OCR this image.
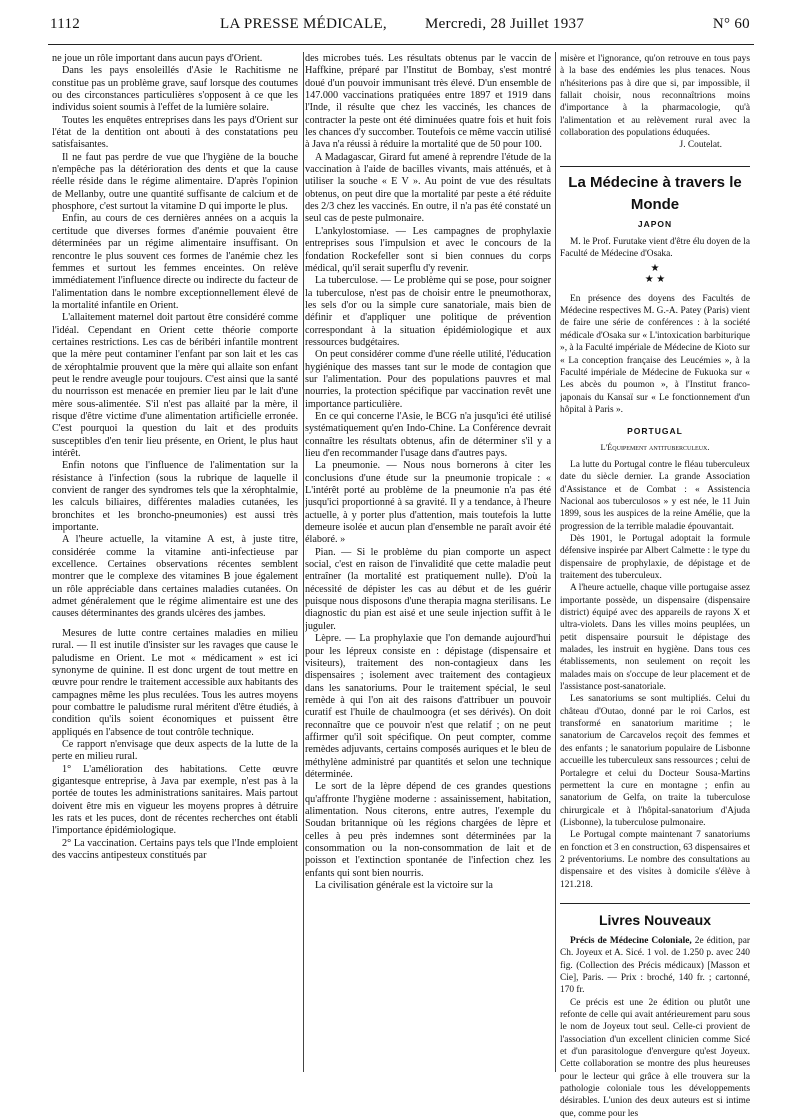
1112	LA PRESSE MÉDICALE,	Mercredi, 28 Juillet 1937	N° 60

ne joue un rôle important dans aucun pays d'Orient.

Dans les pays ensoleillés d'Asie le Rachitisme ne constitue pas un problème grave, sauf lorsque des coutumes ou des circonstances particulières s'opposent à ce que les individus soient soumis à l'effet de la lumière solaire.

Toutes les enquêtes entreprises dans les pays d'Orient sur l'état de la dentition ont abouti à des constatations peu satisfaisantes.

Il ne faut pas perdre de vue que l'hygiène de la bouche n'empêche pas la détérioration des dents et que la cause réelle réside dans le régime alimentaire. D'après l'opinion de Mellanby, outre une quantité suffisante de calcium et de phosphore, c'est surtout la vitamine D qui importe le plus.

Enfin, au cours de ces dernières années on a acquis la certitude que diverses formes d'anémie pouvaient être déterminées par un régime alimentaire insuffisant. On rencontre le plus souvent ces formes de l'anémie chez les femmes et surtout les femmes enceintes. On relève immédiatement l'influence directe ou indirecte du facteur de l'alimentation dans le nombre exceptionnellement élevé de la mortalité infantile en Orient.

L'allaitement maternel doit partout être considéré comme l'idéal. Cependant en Orient cette théorie comporte certaines restrictions. Les cas de béribéri infantile montrent que la mère peut contaminer l'enfant par son lait et les cas de xérophtalmie prouvent que la mère qui allaite son enfant peut le rendre aveugle pour toujours. C'est ainsi que la santé du nourrisson est menacée en premier lieu par le lait d'une mère sous-alimentée. S'il n'est pas allaité par la mère, il risque d'être victime d'une alimentation artificielle erronée. C'est pourquoi la question du lait et des produits susceptibles d'en tenir lieu présente, en Orient, le plus haut intérêt.

Enfin notons que l'influence de l'alimentation sur la résistance à l'infection (sous la rubrique de laquelle il convient de ranger des syndromes tels que la xérophtalmie, les calculs biliaires, différentes maladies cutanées, les bronchites et les broncho-pneumonies) est aussi très importante.

A l'heure actuelle, la vitamine A est, à juste titre, considérée comme la vitamine anti-infectieuse par excellence. Certaines observations récentes semblent montrer que le complexe des vitamines B joue également un rôle appréciable dans certaines maladies cutanées. On admet généralement que le régime alimentaire est une des causes déterminantes des grands ulcères des jambes.

Mesures de lutte contre certaines maladies en milieu rural. — Il est inutile d'insister sur les ravages que cause le paludisme en Orient. Le mot « médicament » est ici synonyme de quinine. Il est donc urgent de tout mettre en œuvre pour rendre le traitement accessible aux habitants des campagnes même les plus reculées. Tous les autres moyens pour combattre le paludisme rural méritent d'être étudiés, à condition qu'ils soient économiques et puissent être appliqués en l'absence de tout contrôle technique.

Ce rapport n'envisage que deux aspects de la lutte de la perte en milieu rural.

1° L'amélioration des habitations. Cette œuvre gigantesque entreprise, à Java par exemple, n'est pas à la portée de toutes les administrations sanitaires. Mais partout doivent être mis en vigueur les moyens propres à détruire les rats et les puces, dont de récentes recherches ont établi l'importance épidémiologique.

2° La vaccination. Certains pays tels que l'Inde emploient des vaccins antipesteux constitués par

des microbes tués. Les résultats obtenus par le vaccin de Haffkine, préparé par l'Institut de Bombay, s'est montré doué d'un pouvoir immunisant très élevé. D'un ensemble de 147.000 vaccinations pratiquées entre 1897 et 1919 dans l'Inde, il résulte que chez les vaccinés, les chances de contracter la peste ont été diminuées quatre fois et huit fois les chances d'y succomber. Toutefois ce même vaccin utilisé à Java n'a réussi à réduire la mortalité que de 50 pour 100.

A Madagascar, Girard fut amené à reprendre l'étude de la vaccination à l'aide de bacilles vivants, mais atténués, et à utiliser la souche « E V ». Au point de vue des résultats obtenus, on peut dire que la mortalité par peste a été réduite des 2/3 chez les vaccinés. En outre, il n'a pas été constaté un seul cas de peste pulmonaire.

L'ankylostomiase. — Les campagnes de prophylaxie entreprises sous l'impulsion et avec le concours de la fondation Rockefeller sont si bien connues du corps médical, qu'il serait superflu d'y revenir.

La tuberculose. — Le problème qui se pose, pour soigner la tuberculose, n'est pas de choisir entre le pneumothorax, les sels d'or ou la simple cure sanatoriale, mais bien de définir et d'appliquer une politique de prévention correspondant à la situation épidémiologique et aux ressources budgétaires.

On peut considérer comme d'une réelle utilité, l'éducation hygiénique des masses tant sur le mode de contagion que sur l'alimentation. Pour des populations pauvres et mal nourries, la protection spécifique par vaccination revêt une importance particulière.

En ce qui concerne l'Asie, le BCG n'a jusqu'ici été utilisé systématiquement qu'en Indo-Chine. La Conférence devrait connaître les résultats obtenus, afin de déterminer s'il y a lieu d'en recommander l'usage dans d'autres pays.

La pneumonie. — Nous nous bornerons à citer les conclusions d'une étude sur la pneumonie tropicale : « L'intérêt porté au problème de la pneumonie n'a pas été jusqu'ici proportionné à sa gravité. Il y a tendance, à l'heure actuelle, à y porter plus d'attention, mais toutefois la lutte demeure isolée et aucun plan d'ensemble ne paraît avoir été élaboré. »

Pian. — Si le problème du pian comporte un aspect social, c'est en raison de l'invalidité que cette maladie peut entraîner (la mortalité est pratiquement nulle). D'où la nécessité de dépister les cas au début et de les guérir puisque nous disposons d'une therapia magna sterilisans. Le diagnostic du pian est aisé et une seule injection suffit à le juguler.

Lèpre. — La prophylaxie que l'on demande aujourd'hui pour les lépreux consiste en : dépistage (dispensaire et visiteurs), traitement des non-contagieux dans les dispensaires ; isolement avec traitement des contagieux dans les sanatoriums. Pour le traitement spécial, le seul remède à qui l'on ait des raisons d'attribuer un pouvoir curatif est l'huile de chaulmoogra (et ses dérivés). On doit reconnaître que ce pouvoir n'est que relatif ; on ne peut affirmer qu'il soit spécifique. On peut compter, comme remèdes adjuvants, certains composés auriques et le bleu de méthylène administré par quantités et selon une technique déterminée.

Le sort de la lèpre dépend de ces grandes questions qu'affronte l'hygiène moderne : assainissement, habitation, alimentation. Nous citerons, entre autres, l'exemple du Soudan britannique où les régions chargées de lèpre et celles à peu près indemnes sont déterminées par la consommation ou la non-consommation de lait et de poisson et l'extinction spontanée de l'infection chez les enfants qui sont bien nourris.

La civilisation générale est la victoire sur la

misère et l'ignorance, qu'on retrouve en tous pays à la base des endémies les plus tenaces. Nous n'hésiterions pas à dire que si, par impossible, il fallait choisir, nous reconnaîtrions moins d'importance à la pharmacologie, qu'à l'alimentation et au relèvement rural avec la collaboration des populations éduquées.

J. Coutelat.

La Médecine à travers le Monde
JAPON

M. le Prof. Furutake vient d'être élu doyen de la Faculté de Médecine d'Osaka.

★
★ ★

En présence des doyens des Facultés de Médecine respectives M. G.-A. Patey (Paris) vient de faire une série de conférences : à la société médicale d'Osaka sur « L'intoxication barbiturique », à la Faculté impériale de Médecine de Kioto sur « La conception française des Leucémies », à la Faculté impériale de Médecine de Fukuoka sur « Les abcès du poumon », à l'Institut franco-japonais du Kansaï sur « Le fonctionnement d'un hôpital à Paris ».

PORTUGAL

L'Équipement antituberculeux.

La lutte du Portugal contre le fléau tuberculeux date du siècle dernier. La grande Association d'Assistance et de Combat : « Assistencia Nacional aos tuberculosos » y est née, le 11 Juin 1899, sous les auspices de la reine Amélie, que la progression de la terrible maladie épouvantait.

Dès 1901, le Portugal adoptait la formule défensive inspirée par Albert Calmette : le type du dispensaire de prophylaxie, de dépistage et de traitement des tuberculeux.

A l'heure actuelle, chaque ville portugaise assez importante possède, un dispensaire (dispensaire district) équipé avec des appareils de rayons X et ultra-violets. Dans les villes moins peuplées, un petit dispensaire poursuit le dépistage des malades, les instruit en hygiène. Dans tous ces établissements, non seulement on reçoit les malades mais on s'occupe de leur placement et de l'assistance post-sanatoriale.

Les sanatoriums se sont multipliés. Celui du château d'Outao, donné par le roi Carlos, est transformé en sanatorium maritime ; le sanatorium de Carcavelos reçoit des femmes et des enfants ; le sanatorium populaire de Lisbonne accueille les tuberculeux sans ressources ; celui de Portalegre et celui du Docteur Sousa-Martins permettent la cure en montagne ; enfin au sanatorium de Gelfa, on traite la tuberculose chirurgicale et à l'hôpital-sanatorium d'Ajuda (Lisbonne), la tuberculose pulmonaire.

Le Portugal compte maintenant 7 sanatoriums en fonction et 3 en construction, 63 dispensaires et 2 préventoriums. Le nombre des consultations au dispensaire et des visites à domicile s'élève à 121.218.

Livres Nouveaux

Précis de Médecine Coloniale, 2e édition, par Ch. Joyeux et A. Sicé. 1 vol. de 1.250 p. avec 240 fig. (Collection des Précis médicaux) [Masson et Cie], Paris. — Prix : broché, 140 fr. ; cartonné, 170 fr.

Ce précis est une 2e édition ou plutôt une refonte de celle qui avait antérieurement paru sous le nom de Joyeux tout seul. Celle-ci provient de l'association d'un excellent clinicien comme Sicé et d'un parasitologue d'envergure qu'est Joyeux. Cette collaboration se montre des plus heureuses pour le lecteur qui grâce à elle trouvera sur la pathologie coloniale tous les développements désirables. L'union des deux auteurs est si intime que, comme pour les
